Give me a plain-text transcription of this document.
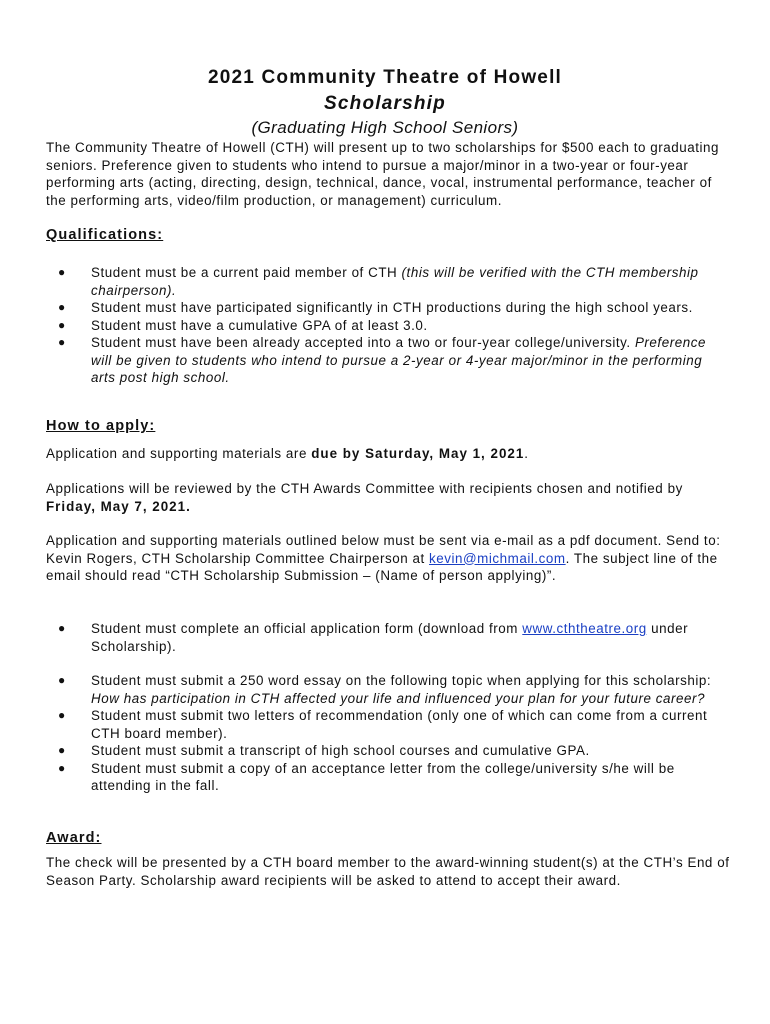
2021 Community Theatre of Howell
Scholarship
(Graduating High School Seniors)

The Community Theatre of Howell (CTH) will present up to two scholarships for $500 each to graduating seniors. Preference given to students who intend to pursue a major/minor in a two-year or four-year performing arts (acting, directing, design, technical, dance, vocal, instrumental performance, teacher of the performing arts, video/film production, or management) curriculum.

Qualifications:

● Student must be a current paid member of CTH (this will be verified with the CTH membership chairperson).
● Student must have participated significantly in CTH productions during the high school years.
● Student must have a cumulative GPA of at least 3.0.
● Student must have been already accepted into a two or four-year college/university. Preference will be given to students who intend to pursue a 2-year or 4-year major/minor in the performing arts post high school.

How to apply:

Application and supporting materials are due by Saturday, May 1, 2021.

Applications will be reviewed by the CTH Awards Committee with recipients chosen and notified by Friday, May 7, 2021.

Application and supporting materials outlined below must be sent via e-mail as a pdf document. Send to: Kevin Rogers, CTH Scholarship Committee Chairperson at kevin@michmail.com. The subject line of the email should read “CTH Scholarship Submission – (Name of person applying)”.

● Student must complete an official application form (download from www.cththeatre.org under Scholarship).
● Student must submit a 250 word essay on the following topic when applying for this scholarship: How has participation in CTH affected your life and influenced your plan for your future career?
● Student must submit two letters of recommendation (only one of which can come from a current CTH board member).
● Student must submit a transcript of high school courses and cumulative GPA.
● Student must submit a copy of an acceptance letter from the college/university s/he will be attending in the fall.

Award:

The check will be presented by a CTH board member to the award-winning student(s) at the CTH’s End of Season Party. Scholarship award recipients will be asked to attend to accept their award.
